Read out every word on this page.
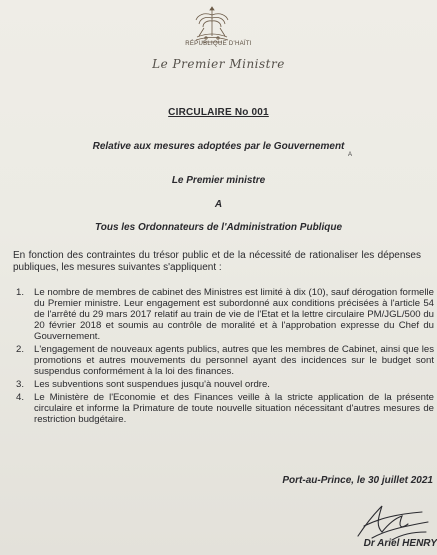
RÉPUBLIQUE D'HAÏTI
Le Premier Ministre
CIRCULAIRE No 001
Relative aux mesures adoptées par le Gouvernement
A
Le Premier ministre
A
Tous les Ordonnateurs de l'Administration Publique
En fonction des contraintes du trésor public et de la nécessité de rationaliser les dépenses publiques, les mesures suivantes s'appliquent :
1. Le nombre de membres de cabinet des Ministres est limité à dix (10), sauf dérogation formelle du Premier ministre. Leur engagement est subordonné aux conditions précisées à l'article 54 de l'arrêté du 29 mars 2017 relatif au train de vie de l'Etat et la lettre circulaire PM/JGL/500 du 20 février 2018 et soumis au contrôle de moralité et à l'approbation expresse du Chef du Gouvernement.
2. L'engagement de nouveaux agents publics, autres que les membres de Cabinet, ainsi que les promotions et autres mouvements du personnel ayant des incidences sur le budget sont suspendus conformément à la loi des finances.
3. Les subventions sont suspendues jusqu'à nouvel ordre.
4. Le Ministère de l'Economie et des Finances veille à la stricte application de la présente circulaire et informe la Primature de toute nouvelle situation nécessitant d'autres mesures de restriction budgétaire.
Port-au-Prince, le 30 juillet 2021
Dr Ariel HENRY
